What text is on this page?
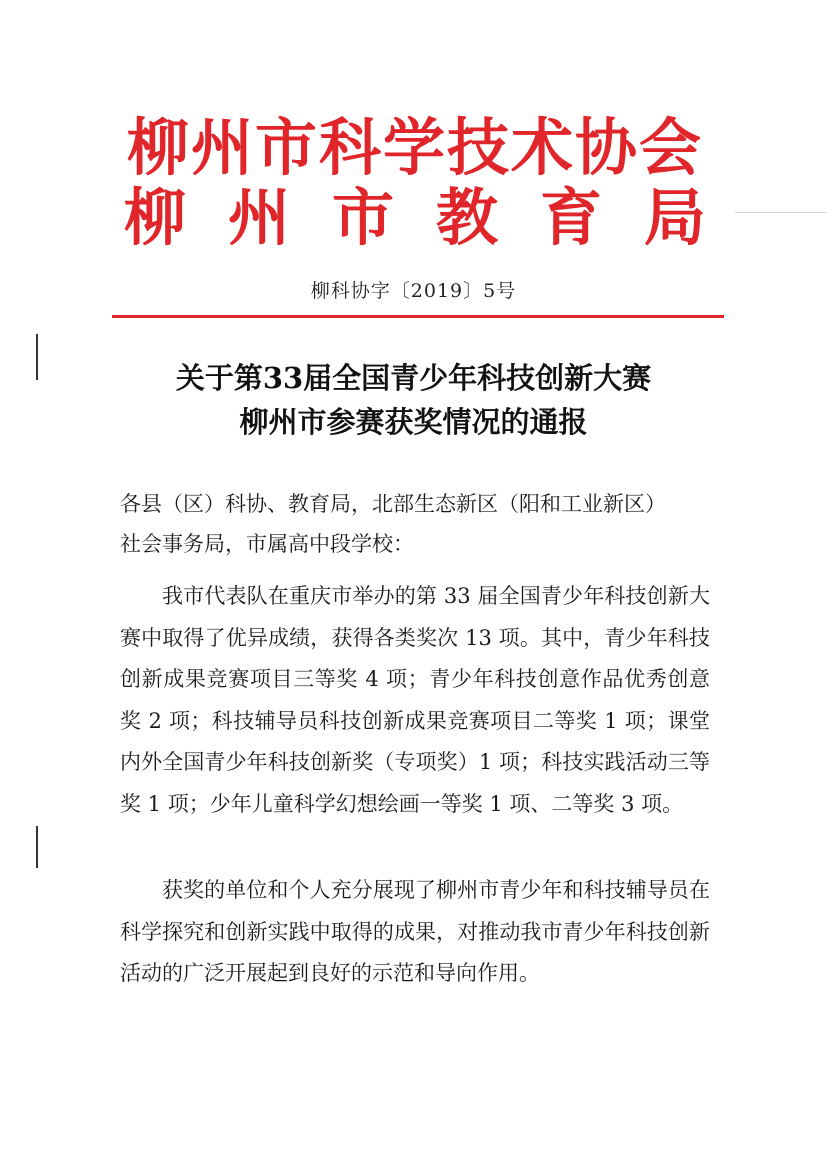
柳州市科学技术协会
柳 州 市 教 育 局
柳科协字〔2019〕5号
关于第33届全国青少年科技创新大赛
柳州市参赛获奖情况的通报
各县（区）科协、教育局，北部生态新区（阳和工业新区）
社会事务局，市属高中段学校：

我市代表队在重庆市举办的第 33 届全国青少年科技创新大赛中取得了优异成绩，获得各类奖次 13 项。其中，青少年科技创新成果竞赛项目三等奖 4 项；青少年科技创意作品优秀创意奖 2 项；科技辅导员科技创新成果竞赛项目二等奖 1 项；课堂内外全国青少年科技创新奖（专项奖）1 项；科技实践活动三等奖 1 项；少年儿童科学幻想绘画一等奖 1 项、二等奖 3 项。

获奖的单位和个人充分展现了柳州市青少年和科技辅导员在科学探究和创新实践中取得的成果，对推动我市青少年科技创新活动的广泛开展起到良好的示范和导向作用。
